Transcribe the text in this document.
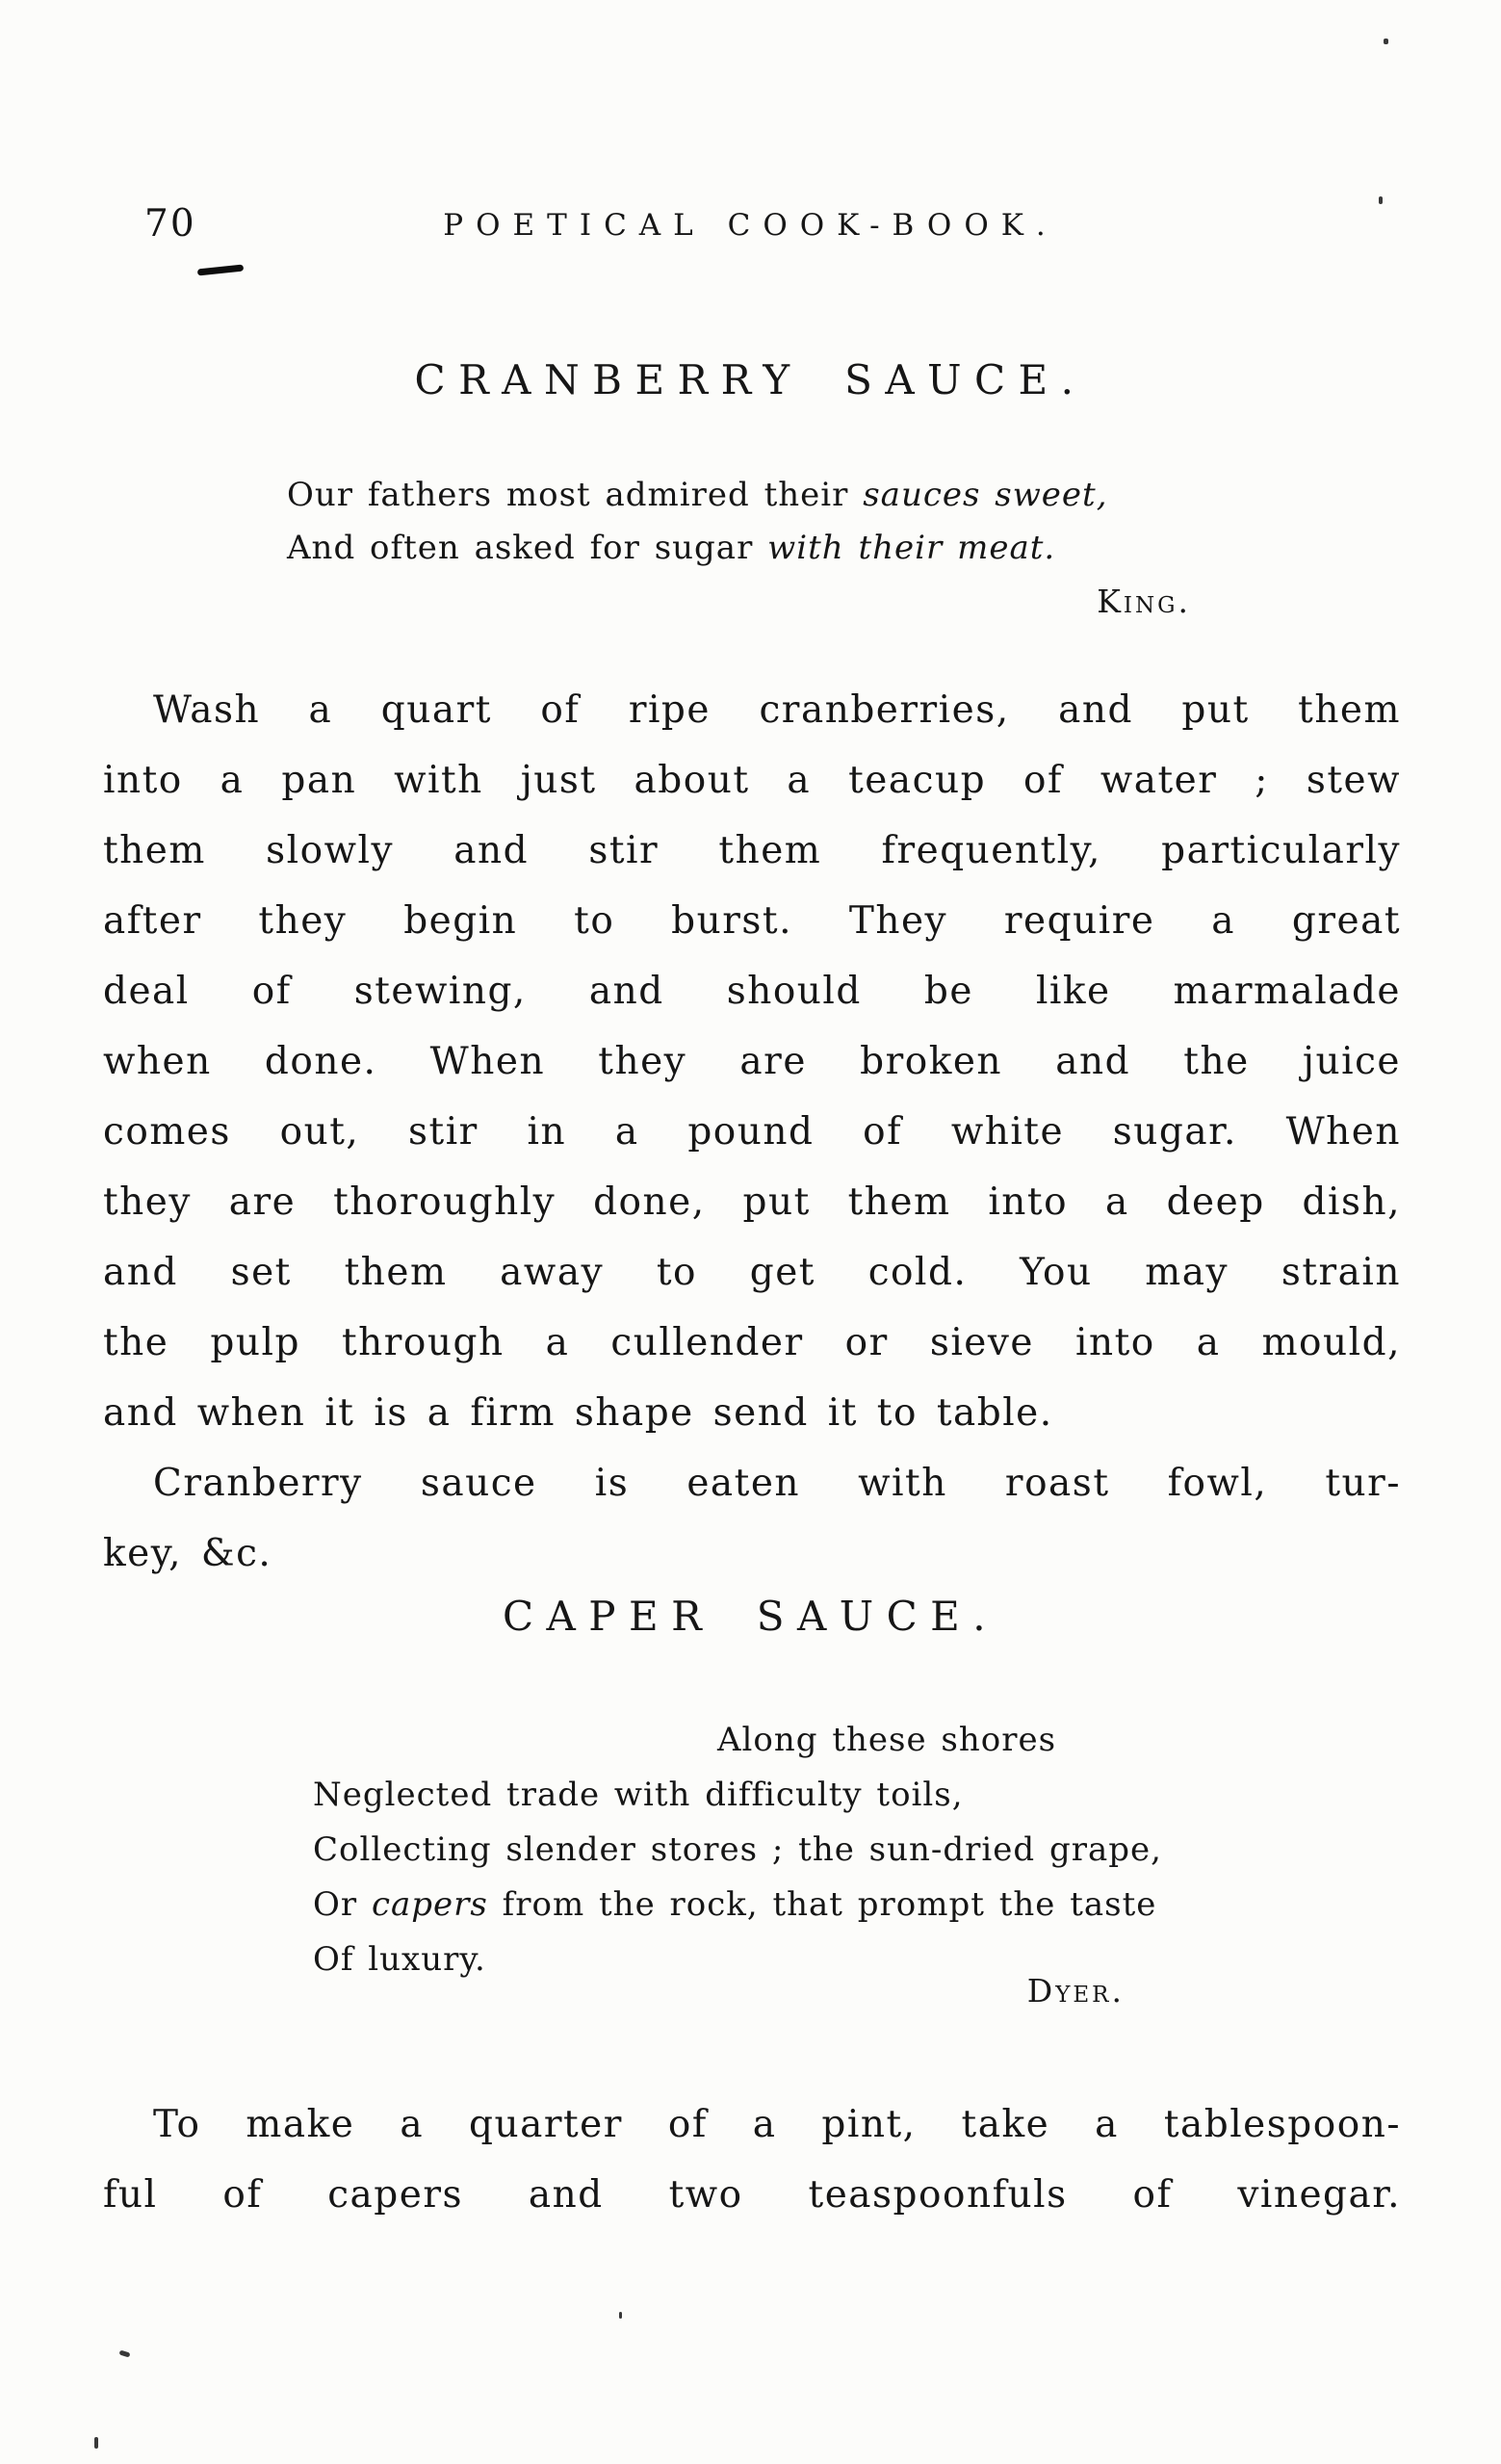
70	POETICAL COOK-BOOK.
CRANBERRY SAUCE.
Our fathers most admired their sauces sweet,
And often asked for sugar with their meat.
King.
Wash a quart of ripe cranberries, and put them
into a pan with just about a teacup of water ; stew
them slowly and stir them frequently, particularly
after they begin to burst. They require a great
deal of stewing, and should be like marmalade
when done. When they are broken and the juice
comes out, stir in a pound of white sugar. When
they are thoroughly done, put them into a deep dish,
and set them away to get cold. You may strain
the pulp through a cullender or sieve into a mould,
and when it is a firm shape send it to table.
Cranberry sauce is eaten with roast fowl, tur-
key, &c.
CAPER SAUCE.
Along these shores
Neglected trade with difficulty toils,
Collecting slender stores ; the sun-dried grape,
Or capers from the rock, that prompt the taste
Of luxury.
Dyer.
To make a quarter of a pint, take a tablespoon-
ful of capers and two teaspoonfuls of vinegar.
